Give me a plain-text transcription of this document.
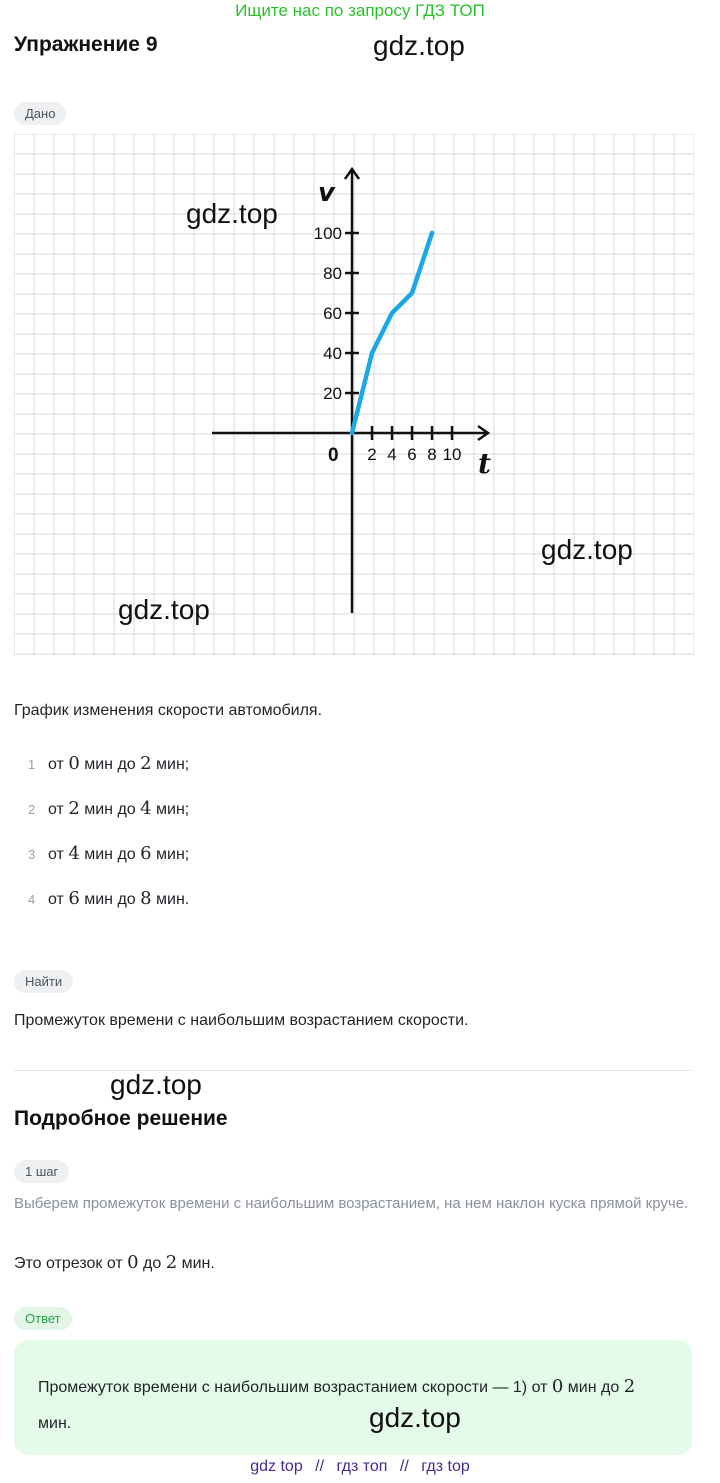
Ищите нас по запросу ГДЗ ТОП
Упражнение 9	gdz.top
Дано
2 4 6 8 10
20
40
60
80
100
0	t
v
gdz.top
gdz.top
gdz.top
График изменения скорости автомобиля.
1 от 0 мин до 2 мин;
2 от 2 мин до 4 мин;
3 от 4 мин до 6 мин;
4 от 6 мин до 8 мин.
Найти
Промежуток времени с наибольшим возрастанием скорости.
gdz.top
Подробное решение
1 шаг
Выберем промежуток времени с наибольшим возрастанием, на нем наклон куска прямой круче.
Это отрезок от 0 до 2 мин.
Ответ
Промежуток времени с наибольшим возрастанием скорости — 1) от 0 мин до 2 мин.	gdz.top
gdz top // гдз топ // гдз top
